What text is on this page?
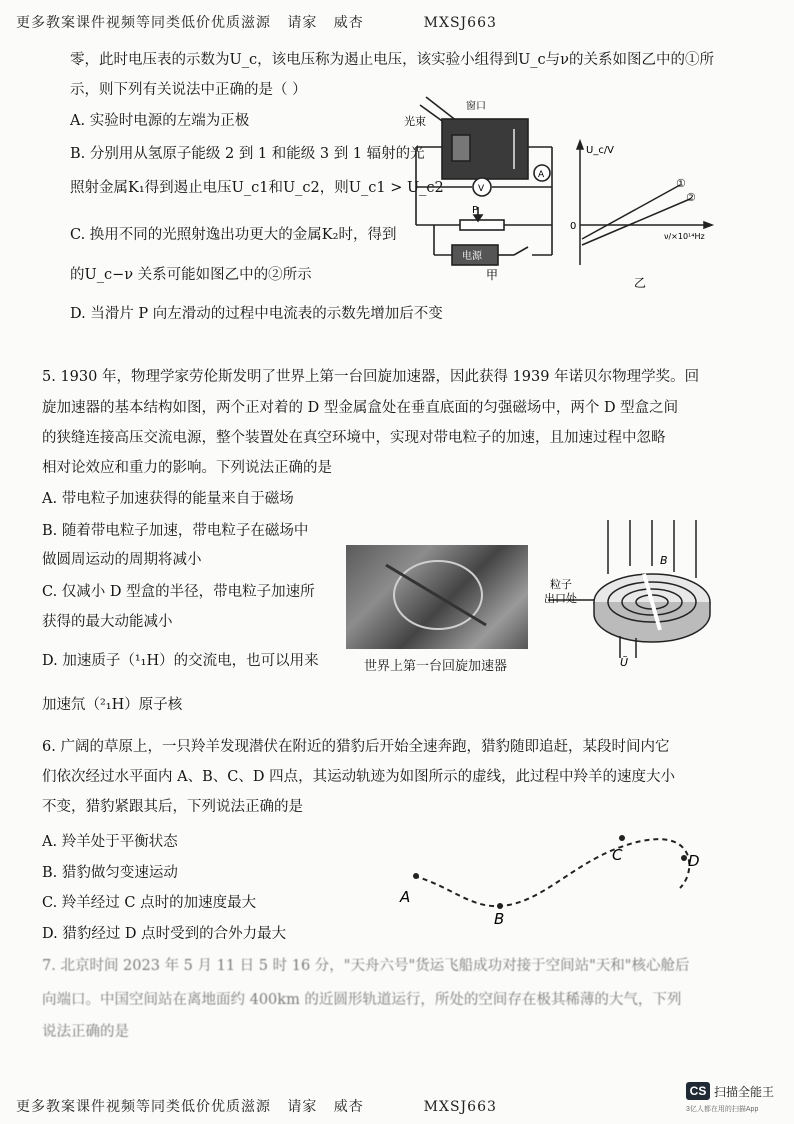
更多教案课件视频等同类低价优质滋源   请家   威杏           MXSJ663
零，此时电压表的示数为U_c，该电压称为遏止电压，该实验小组得到U_c与ν的关系如图乙中的①所
示，则下列有关说法中正确的是（ ）
A. 实验时电源的左端为正极
B. 分别用从氢原子能级 2 到 1 和能级 3 到 1 辐射的光
照射金属K₁得到遏止电压U_c1和U_c2，则U_c1 > U_c2
C. 换用不同的光照射逸出功更大的金属K₂时，得到
的U_c−ν 关系可能如图乙中的②所示
D. 当滑片 P 向左滑动的过程中电流表的示数先增加后不变
光束
窗口
V
A
P
电源
甲
U_c/V
0
ν/×10¹⁴Hz
①
②
乙
5. 1930 年，物理学家劳伦斯发明了世界上第一台回旋加速器，因此获得 1939 年诺贝尔物理学奖。回
旋加速器的基本结构如图，两个正对着的 D 型金属盒处在垂直底面的匀强磁场中，两个 D 型盒之间
的狭缝连接高压交流电源，整个装置处在真空环境中，实现对带电粒子的加速，且加速过程中忽略
相对论效应和重力的影响。下列说法正确的是
A. 带电粒子加速获得的能量来自于磁场
B. 随着带电粒子加速，带电粒子在磁场中
做圆周运动的周期将减小
C. 仅减小 D 型盒的半径，带电粒子加速所
获得的最大动能减小
D. 加速质子（¹₁H）的交流电，也可以用来
加速氘（²₁H）原子核
世界上第一台回旋加速器
B
粒子
出口处
Ũ
6. 广阔的草原上，一只羚羊发现潜伏在附近的猎豹后开始全速奔跑，猎豹随即追赶，某段时间内它
们依次经过水平面内 A、B、C、D 四点，其运动轨迹为如图所示的虚线，此过程中羚羊的速度大小
不变，猎豹紧跟其后，下列说法正确的是
A. 羚羊处于平衡状态
B. 猎豹做匀变速运动
C. 羚羊经过 C 点时的加速度最大
D. 猎豹经过 D 点时受到的合外力最大
A
B
C	D
7. 北京时间 2023 年 5 月 11 日 5 时 16 分，"天舟六号"货运飞船成功对接于空间站"天和"核心舱后
向端口。中国空间站在离地面约 400km 的近圆形轨道运行，所处的空间存在极其稀薄的大气，下列
说法正确的是
更多教案课件视频等同类低价优质滋源   请家   威杏           MXSJ663
CS 扫描全能王
3亿人都在用的扫描App
